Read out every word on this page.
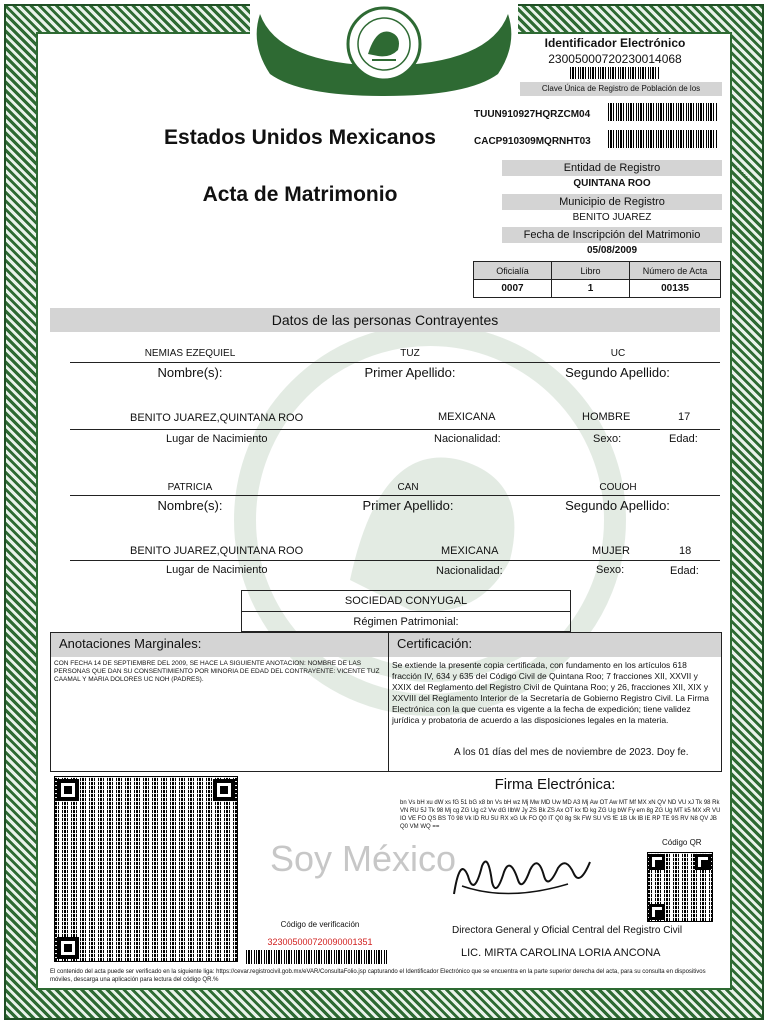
Estados Unidos Mexicanos
Acta de Matrimonio
Identificador Electrónico
23005000720230014068
Clave Única de Registro de Población de los
TUUN910927HQRZCM04
CACP910309MQRNHT03
Entidad de Registro
QUINTANA ROO
Municipio de Registro
BENITO JUAREZ
Fecha de Inscripción del Matrimonio
05/08/2009
Oficialía	Libro	Número de Acta
0007	1	00135
Datos de las personas Contrayentes
NEMIAS EZEQUIEL	TUZ	UC
Nombre(s):	Primer Apellido:	Segundo Apellido:
BENITO JUAREZ,QUINTANA ROO	MEXICANA	HOMBRE	17
Lugar de Nacimiento	Nacionalidad:	Sexo:	Edad:
PATRICIA	CAN	COUOH
Nombre(s):	Primer Apellido:	Segundo Apellido:
BENITO JUAREZ,QUINTANA ROO	MEXICANA	MUJER	18
Lugar de Nacimiento	Nacionalidad:	Sexo:	Edad:
SOCIEDAD CONYUGAL
Régimen Patrimonial:
Anotaciones Marginales:	Certificación:
CON FECHA 14 DE SEPTIEMBRE DEL 2009, SE HACE LA SIGUIENTE ANOTACION: NOMBRE DE LAS PERSONAS QUE DAN SU CONSENTIMIENTO POR MINORIA DE EDAD DEL CONTRAYENTE: VICENTE TUZ CAAMAL Y MARIA DOLORES UC NOH (PADRES).
Se extiende la presente copia certificada, con fundamento en los artículos 618 fracción IV, 634 y 635 del Código Civil de Quintana Roo; 7 fracciones XII, XXVII y XXIX del Reglamento del Registro Civil de Quintana Roo; y 26, fracciones XII, XIX y XXVIII del Reglamento Interior de la Secretaría de Gobierno Registro Civil. La Firma Electrónica con la que cuenta es vigente a la fecha de expedición; tiene validez jurídica y probatoria de acuerdo a las disposiciones legales en la materia.
A los 01 días del mes de noviembre de 2023. Doy fe.
Soy México
Código de verificación
323005000720090001351
Firma Electrónica:
bn Vs bH xu dW xs fG 51 bG x8 bn Vs bH wz Mj Mw MD Uw MD A3 Mj Aw OT Aw MT Mf MX xN QV ND VU xJ Tk 98 Rk VN RU 5J Tk 98 Mj cg ZG Ug c2 Vw dG IlbW Jy ZS Bk ZS Ax OT kx fD kg ZG Ug bW Fy em 8g ZG Ug MT k5 MX xR VU IO VE FO QS BS T0 98 Vk lD RU 5U RX xG Uk FO Q0 IT Q0 8g Sk FW SU VS fE 1B Uk lB IE RP TE 9S RV N8 QV JB Q0 VM WQ ==
Código QR
Directora General y Oficial Central del Registro Civil
LIC. MIRTA CAROLINA LORIA ANCONA
El contenido del acta puede ser verificado en la siguiente liga: https://cevar.registrocivil.gob.mx/eVAR/ConsultaFolio.jsp capturando el Identificador Electrónico que se encuentra en la parte superior derecha del acta, para su consulta en dispositivos móviles, descarga una aplicación para lectura del código QR.%
